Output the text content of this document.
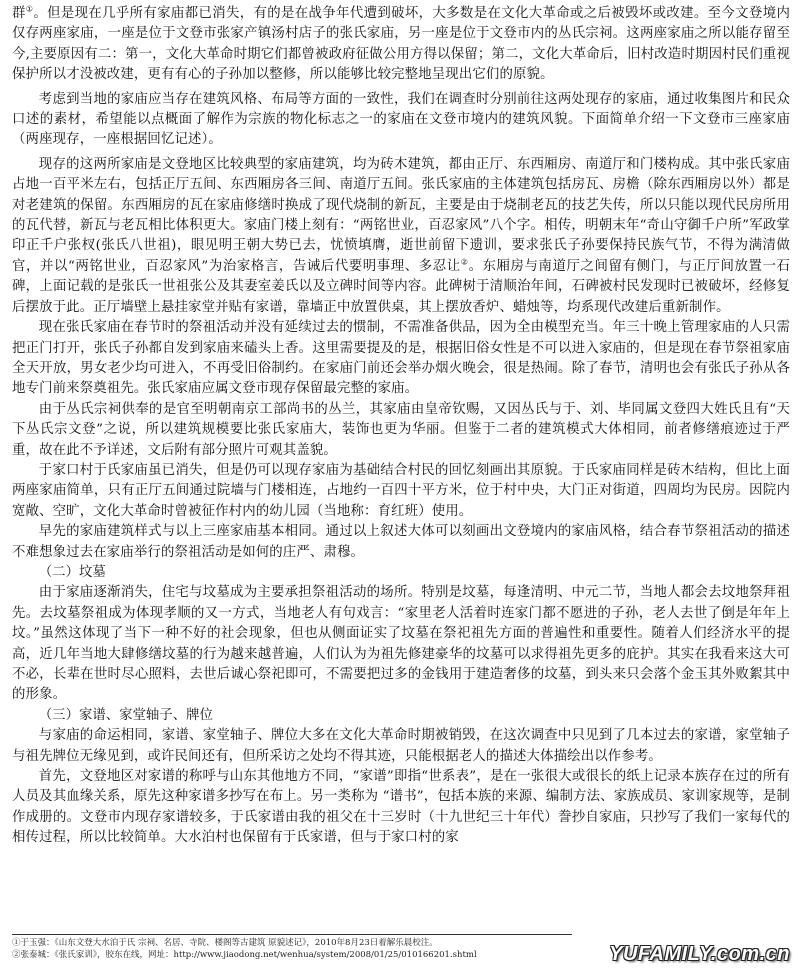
群①。但是现在几乎所有家庙都已消失，有的是在战争年代遭到破坏，大多数是在文化大革命或之后被毁坏或改建。至今文登境内仅存两座家庙，一座是位于文登市张家产镇汤村店子的张氏家庙，另一座是位于文登市内的丛氏宗祠。这两座家庙之所以能存留至今,主要原因有二：第一，文化大革命时期它们都曾被政府征做公用方得以保留；第二，文化大革命后，旧村改造时期因村民们重视保护所以才没被改建，更有有心的子孙加以整修，所以能够比较完整地呈现出它们的原貌。

考虑到当地的家庙应当存在建筑风格、布局等方面的一致性，我们在调查时分别前往这两处现存的家庙，通过收集图片和民众口述的素材，希望能以点概面了解作为宗族的物化标志之一的家庙在文登市境内的建筑风貌。下面简单介绍一下文登市三座家庙（两座现存，一座根据回忆记述）。

现存的这两所家庙是文登地区比较典型的家庙建筑，均为砖木建筑，都由正厅、东西厢房、南道厅和门楼构成。其中张氏家庙占地一百平米左右，包括正厅五间、东西厢房各三间、南道厅五间。张氏家庙的主体建筑包括房瓦、房檐（除东西厢房以外）都是对老建筑的保留。东西厢房的瓦在家庙修缮时换成了现代烧制的新瓦，主要是由于烧制老瓦的技艺失传，所以只能以现代民房所用的瓦代替，新瓦与老瓦相比体积更大。家庙门楼上刻有：“两铭世业，百忍家风”八个字。相传，明朝末年“奇山守御千户所”军政掌印正千户张杈(张氏八世祖)，眼见明王朝大势已去，忧愤填膺，逝世前留下遗训，要求张氏子孙要保持民族气节，不得为满清做官，并以“两铭世业，百忍家风”为治家格言，告诫后代要明事理、多忍让②。东厢房与南道厅之间留有侧门，与正厅间放置一石碑，上面记载的是张氏一世祖张公及其妻室姜氏以及立碑时间等内容。此碑树于清顺治年间，石碑被村民发现时已被破坏，经修复后摆放于此。正厅墙壁上悬挂家堂并贴有家谱，靠墙正中放置供桌，其上摆放香炉、蜡烛等，均系现代改建后重新制作。

现在张氏家庙在春节时的祭祖活动并没有延续过去的惯制，不需准备供品，因为全由模型充当。年三十晚上管理家庙的人只需把正门打开，张氏子孙都自发到家庙来磕头上香。这里需要提及的是，根据旧俗女性是不可以进入家庙的，但是现在春节祭祖家庙全天开放，男女老少均可进入，不再受旧俗制约。在家庙门前还会举办烟火晚会，很是热闹。除了春节，清明也会有张氏子孙从各地专门前来祭奠祖先。张氏家庙应属文登市现存保留最完整的家庙。

由于丛氏宗祠供奉的是官至明朝南京工部尚书的丛兰，其家庙由皇帝钦赐，又因丛氏与于、刘、毕同属文登四大姓氏且有“天下丛氏宗文登”之说，所以建筑规模要比张氏家庙大，装饰也更为华丽。但鉴于二者的建筑模式大体相同，前者修缮痕迹过于严重，故在此不予详述，文后附有部分照片可观其盖貌。

于家口村于氏家庙虽已消失，但是仍可以现存家庙为基础结合村民的回忆刻画出其原貌。于氏家庙同样是砖木结构，但比上面两座家庙简单，只有正厅五间通过院墙与门楼相连，占地约一百四十平方米，位于村中央，大门正对街道，四周均为民房。因院内宽敞、空旷，文化大革命时曾被征作村内的幼儿园（当地称：育红班）使用。

早先的家庙建筑样式与以上三座家庙基本相同。通过以上叙述大体可以刻画出文登境内的家庙风格，结合春节祭祖活动的描述不难想象过去在家庙举行的祭祖活动是如何的庄严、肃穆。

（二）坟墓

由于家庙逐渐消失，住宅与坟墓成为主要承担祭祖活动的场所。特别是坟墓，每逢清明、中元二节，当地人都会去坟地祭拜祖先。去坟墓祭祖成为体现孝顺的又一方式，当地老人有句戏言：“家里老人活着时连家门都不愿进的子孙，老人去世了倒是年年上坟。”虽然这体现了当下一种不好的社会现象，但也从侧面证实了坟墓在祭祀祖先方面的普遍性和重要性。随着人们经济水平的提高，近几年当地大肆修缮坟墓的行为越来越普遍，人们认为为祖先修建豪华的坟墓可以求得祖先更多的庇护。其实在我看来这大可不必，长辈在世时尽心照料，去世后诚心祭祀即可，不需要把过多的金钱用于建造奢侈的坟墓，到头来只会落个金玉其外败絮其中的形象。

（三）家谱、家堂轴子、牌位

与家庙的命运相同，家谱、家堂轴子、牌位大多在文化大革命时期被销毁，在这次调查中只见到了几本过去的家谱，家堂轴子与祖先牌位无缘见到，或许民间还有，但所采访之处均不得其迹，只能根据老人的描述大体描绘出以作参考。

首先，文登地区对家谱的称呼与山东其他地方不同，“家谱”即指“世系表”，是在一张很大或很长的纸上记录本族存在过的所有人员及其血缘关系，原先这种家谱多抄写在布上。另一类称为 “谱书”，包括本族的来源、编制方法、家族成员、家训家规等，是制作成册的。文登市内现存家谱较多，于氏家谱由我的祖父在十三岁时（十九世纪三十年代）誊抄自家庙，只抄写了我们一家每代的相传过程，所以比较简单。大水泊村也保留有于氏家谱，但与于家口村的家

①于玉强：《山东文登大水泊于氏 宗祠、名居、寺院、楼阁等古建筑 原貌述记》，2010年8月23日着解乐晨校注。
②张泰城：《张氏家训》，胶东在线，网址：http://www.jiaodong.net/wenhua/system/2008/01/25/010166201.shtml	YUFAMILY.com.cn
